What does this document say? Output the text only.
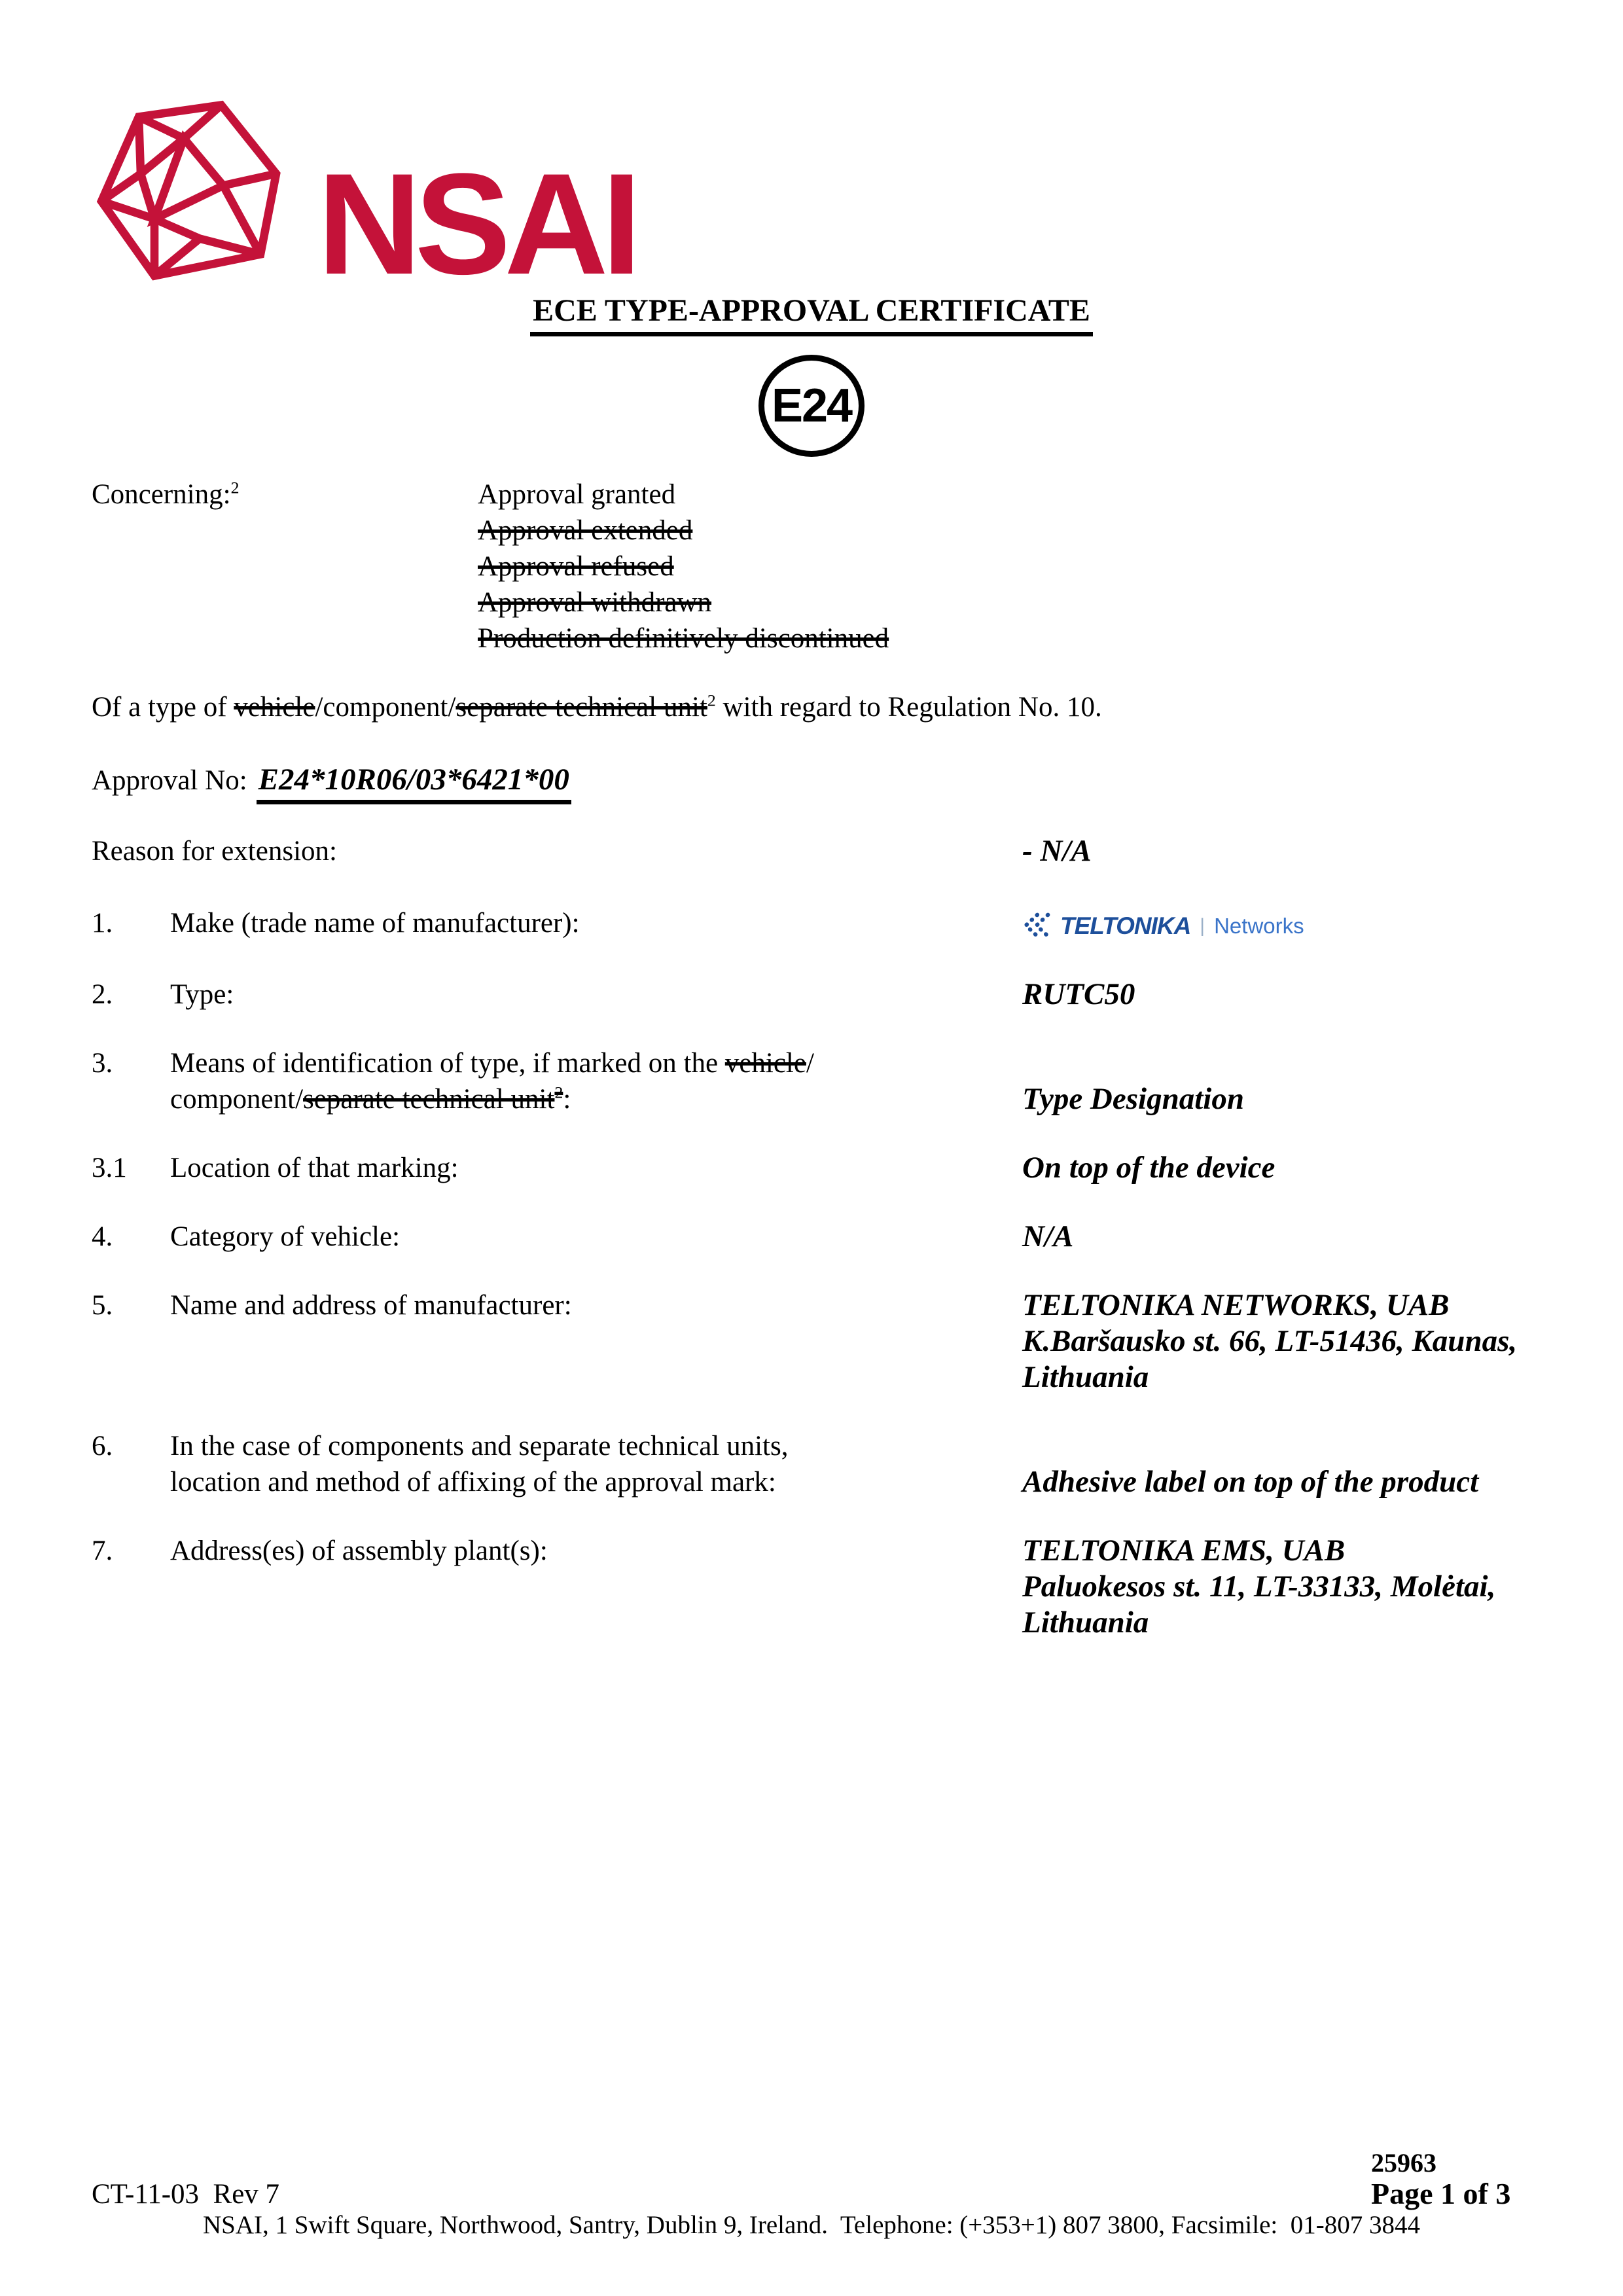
NSAI
ECE TYPE-APPROVAL CERTIFICATE
E24
Concerning:$^2$	Approval granted
Approval extended
Approval refused
Approval withdrawn
Production definitively discontinued
Of a type of vehicle/component/separate technical unit$^2$ with regard to Regulation No. 10.
Approval No: E24*10R06/03*6421*00
Reason for extension:	- N/A
1.	Make (trade name of manufacturer):	TELTONIKA | Networks
2.	Type:	RUTC50
3.	Means of identification of type, if marked on the vehicle/
component/separate technical unit$^2$:	Type Designation
3.1	Location of that marking:	On top of the device
4.	Category of vehicle:	N/A
5.	Name and address of manufacturer:	TELTONIKA NETWORKS, UAB
K.Baršausko st. 66, LT-51436, Kaunas,
Lithuania
6.	In the case of components and separate technical units,
location and method of affixing of the approval mark:	Adhesive label on top of the product
7.	Address(es) of assembly plant(s):	TELTONIKA EMS, UAB
Paluokesos st. 11, LT-33133, Molėtai,
Lithuania
25963
Page 1 of 3
CT-11-03  Rev 7
NSAI, 1 Swift Square, Northwood, Santry, Dublin 9, Ireland.  Telephone: (+353+1) 807 3800, Facsimile:  01-807 3844
